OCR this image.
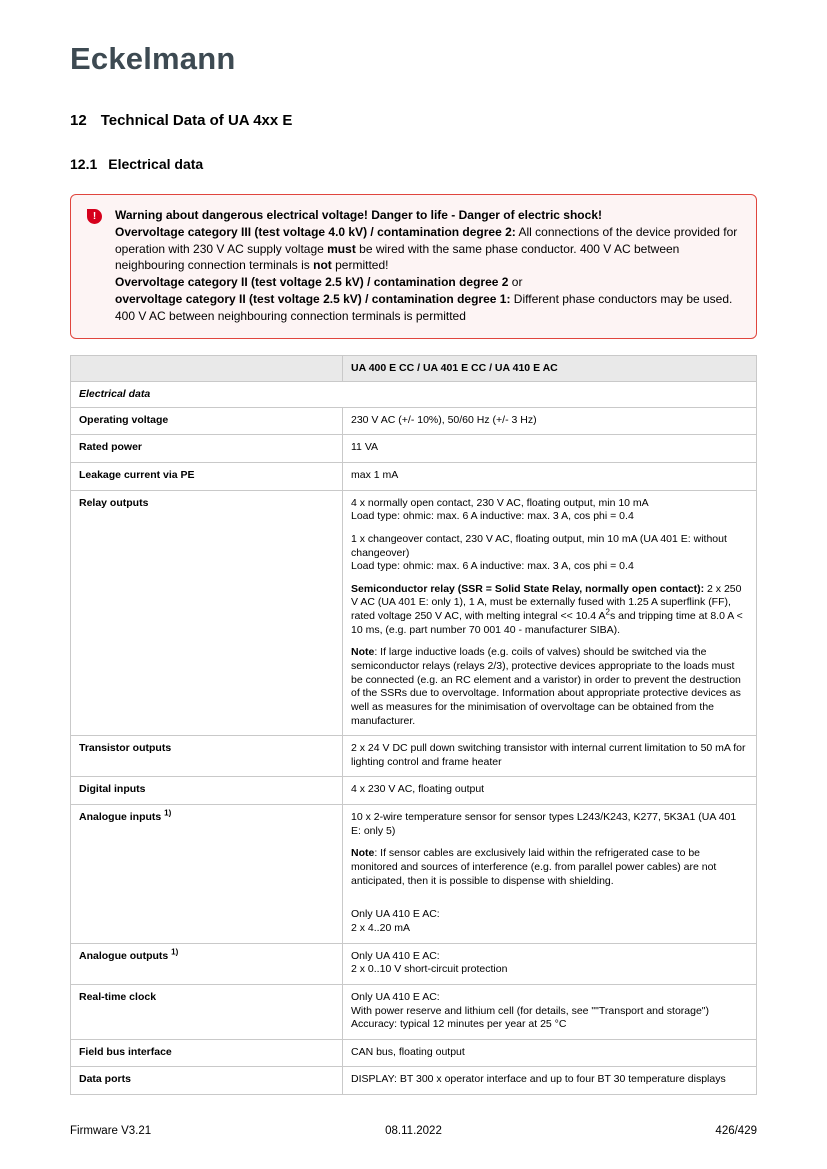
Eckelmann
12 Technical Data of UA 4xx E
12.1 Electrical data
! Warning about dangerous electrical voltage! Danger to life - Danger of electric shock!
Overvoltage category III (test voltage 4.0 kV) / contamination degree 2: All connections of the device provided for operation with 230 V AC supply voltage must be wired with the same phase conductor. 400 V AC between neighbouring connection terminals is not permitted!
Overvoltage category II (test voltage 2.5 kV) / contamination degree 2 or
overvoltage category II (test voltage 2.5 kV) / contamination degree 1: Different phase conductors may be used. 400 V AC between neighbouring connection terminals is permitted
	UA 400 E CC / UA 401 E CC / UA 410 E AC
Electrical data	
Operating voltage	230 V AC (+/- 10%), 50/60 Hz (+/- 3 Hz)

Rated power	11 VA

Leakage current via PE	max 1 mA

Relay outputs	4 x normally open contact, 230 V AC, floating output, min 10 mA
Load type: ohmic: max. 6 A inductive: max. 3 A, cos phi = 0.4

1 x changeover contact, 230 V AC, floating output, min 10 mA (UA 401 E: without changeover)
Load type: ohmic: max. 6 A inductive: max. 3 A, cos phi = 0.4

Semiconductor relay (SSR = Solid State Relay, normally open contact): 2 x 250 V AC (UA 401 E: only 1), 1 A, must be externally fused with 1.25 A superflink (FF), rated voltage 250 V AC, with melting integral << 10.4 $A^2s$ and tripping time at 8.0 A < 10 ms, (e.g. part number 70 001 40 - manufacturer SIBA).

Note: If large inductive loads (e.g. coils of valves) should be switched via the semiconductor relays (relays 2/3), protective devices appropriate to the loads must be connected (e.g. an RC element and a varistor) in order to prevent the destruction of the SSRs due to overvoltage. Information about appropriate protective devices as well as measures for the minimisation of overvoltage can be obtained from the manufacturer.

Transistor outputs	2 x 24 V DC pull down switching transistor with internal current limitation to 50 mA for lighting control and frame heater

Digital inputs	4 x 230 V AC, floating output

Analogue inputs $^{1)}$	10 x 2-wire temperature sensor for sensor types L243/K243, K277, 5K3A1 (UA 401 E: only 5)

Note: If sensor cables are exclusively laid within the refrigerated case to be monitored and sources of interference (e.g. from parallel power cables) are not anticipated, then it is possible to dispense with shielding.

Only UA 410 E AC:
2 x 4..20 mA

Analogue outputs $^{1)}$	Only UA 410 E AC:
2 x 0..10 V short-circuit protection

Real-time clock	Only UA 410 E AC:
With power reserve and lithium cell (for details, see ""Transport and storage")
Accuracy: typical 12 minutes per year at 25 °C

Field bus interface	CAN bus, floating output

Data ports	DISPLAY: BT 300 x operator interface and up to four BT 30 temperature displays

Firmware V3.21	08.11.2022	426/429
